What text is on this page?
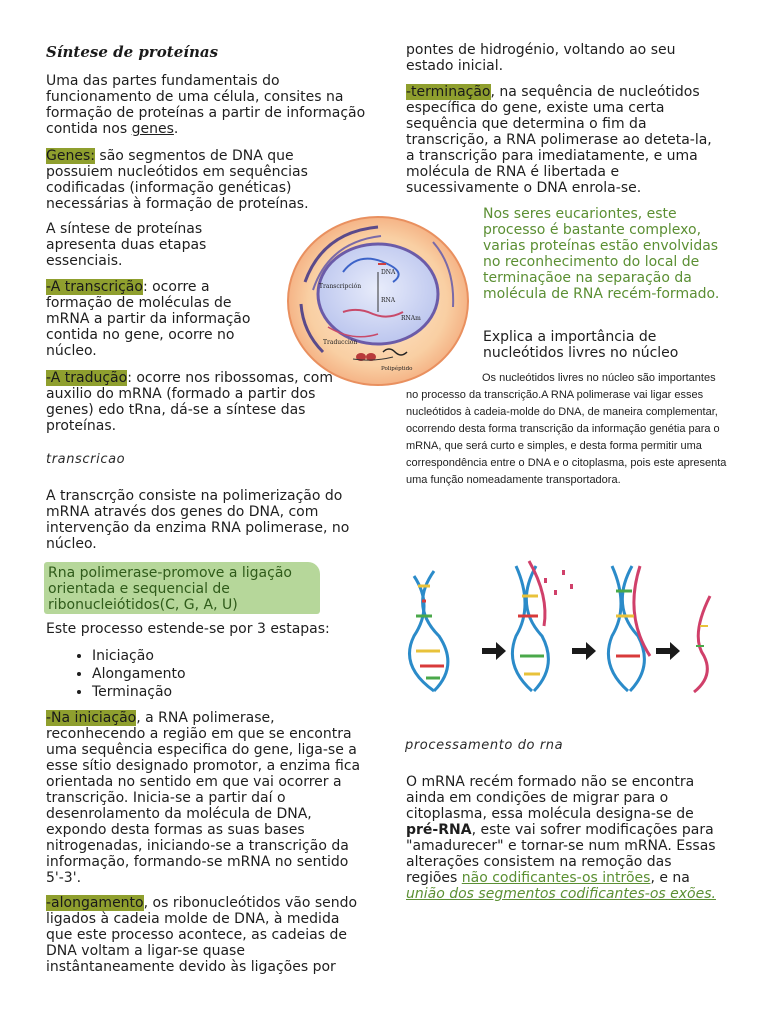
Síntese de proteínas

Uma das partes fundamentais do funcionamento de uma célula, consites na formação de proteínas a partir de informação contida nos genes.

Genes: são segmentos de DNA que possuiem nucleótidos em sequências codificadas (informação genéticas) necessárias à formação de proteínas.

A síntese de proteínas apresenta duas etapas essenciais.

-A transcrição: ocorre a formação de moléculas de mRNA a partir da informação contida no gene, ocorre no núcleo.

-A tradução: ocorre nos ribossomas, com auxilio do mRNA (formado a partir dos genes) edo tRna, dá-se a síntese das proteínas.

transcricao

A transcrção consiste na polimerização do mRNA através dos genes do DNA, com intervenção da enzima RNA polimerase, no núcleo.

Rna polimerase-promove a ligação orientada e sequencial de ribonucleiótidos(C, G, A, U)

Este processo estende-se por 3 estapas:

• Iniciação
• Alongamento
• Terminação

-Na iniciação, a RNA polimerase, reconhecendo a região em que se encontra uma sequência especifica do gene, liga-se a esse sítio designado promotor, a enzima fica orientada no sentido em que vai ocorrer a transcrição. Inicia-se a partir daí o desenrolamento da molécula de DNA, expondo desta formas as suas bases nitrogenadas, iniciando-se a transcrição da informação, formando-se mRNA no sentido 5'-3'.

-alongamento, os ribonucleótidos vão sendo ligados à cadeia molde de DNA, à medida que este processo acontece, as cadeias de DNA voltam a ligar-se quase instântaneamente devido às ligações por

DNA
Transcripción
RNA
RNAm
Traducción
Polipéptido

pontes de hidrogénio, voltando ao seu estado inicial.

-terminação, na sequência de nucleótidos específica do gene, existe uma certa sequência que determina o fim da transcrição, a RNA polimerase ao deteta-la, a transcrição para imediatamente, e uma molécula de RNA é libertada e sucessivamente o DNA enrola-se.

Nos seres eucariontes, este processo é bastante complexo, varias proteínas estão envolvidas no reconhecimento do local de terminaçãoe na separação da molécula de RNA recém-formado.

Explica a importância de nucleótidos livres no núcleo

Os nucleótidos livres no núcleo são importantes no processo da transcrição.A RNA polimerase vai ligar esses nucleótidos à cadeia-molde do DNA, de maneira complementar, ocorrendo desta forma transcrição da informação genétia para o mRNA, que será curto e simples, e desta forma permitir uma correspondência entre o DNA e o citoplasma, pois este apresenta uma função nomeadamente transportadora.

processamento do rna

O mRNA recém formado não se encontra ainda em condições de migrar para o citoplasma, essa molécula designa-se de pré-RNA, este vai sofrer modificações para "amadurecer" e tornar-se num mRNA. Essas alterações consistem na remoção das regiões não codificantes-os intrões, e na união dos segmentos codificantes-os exões.
